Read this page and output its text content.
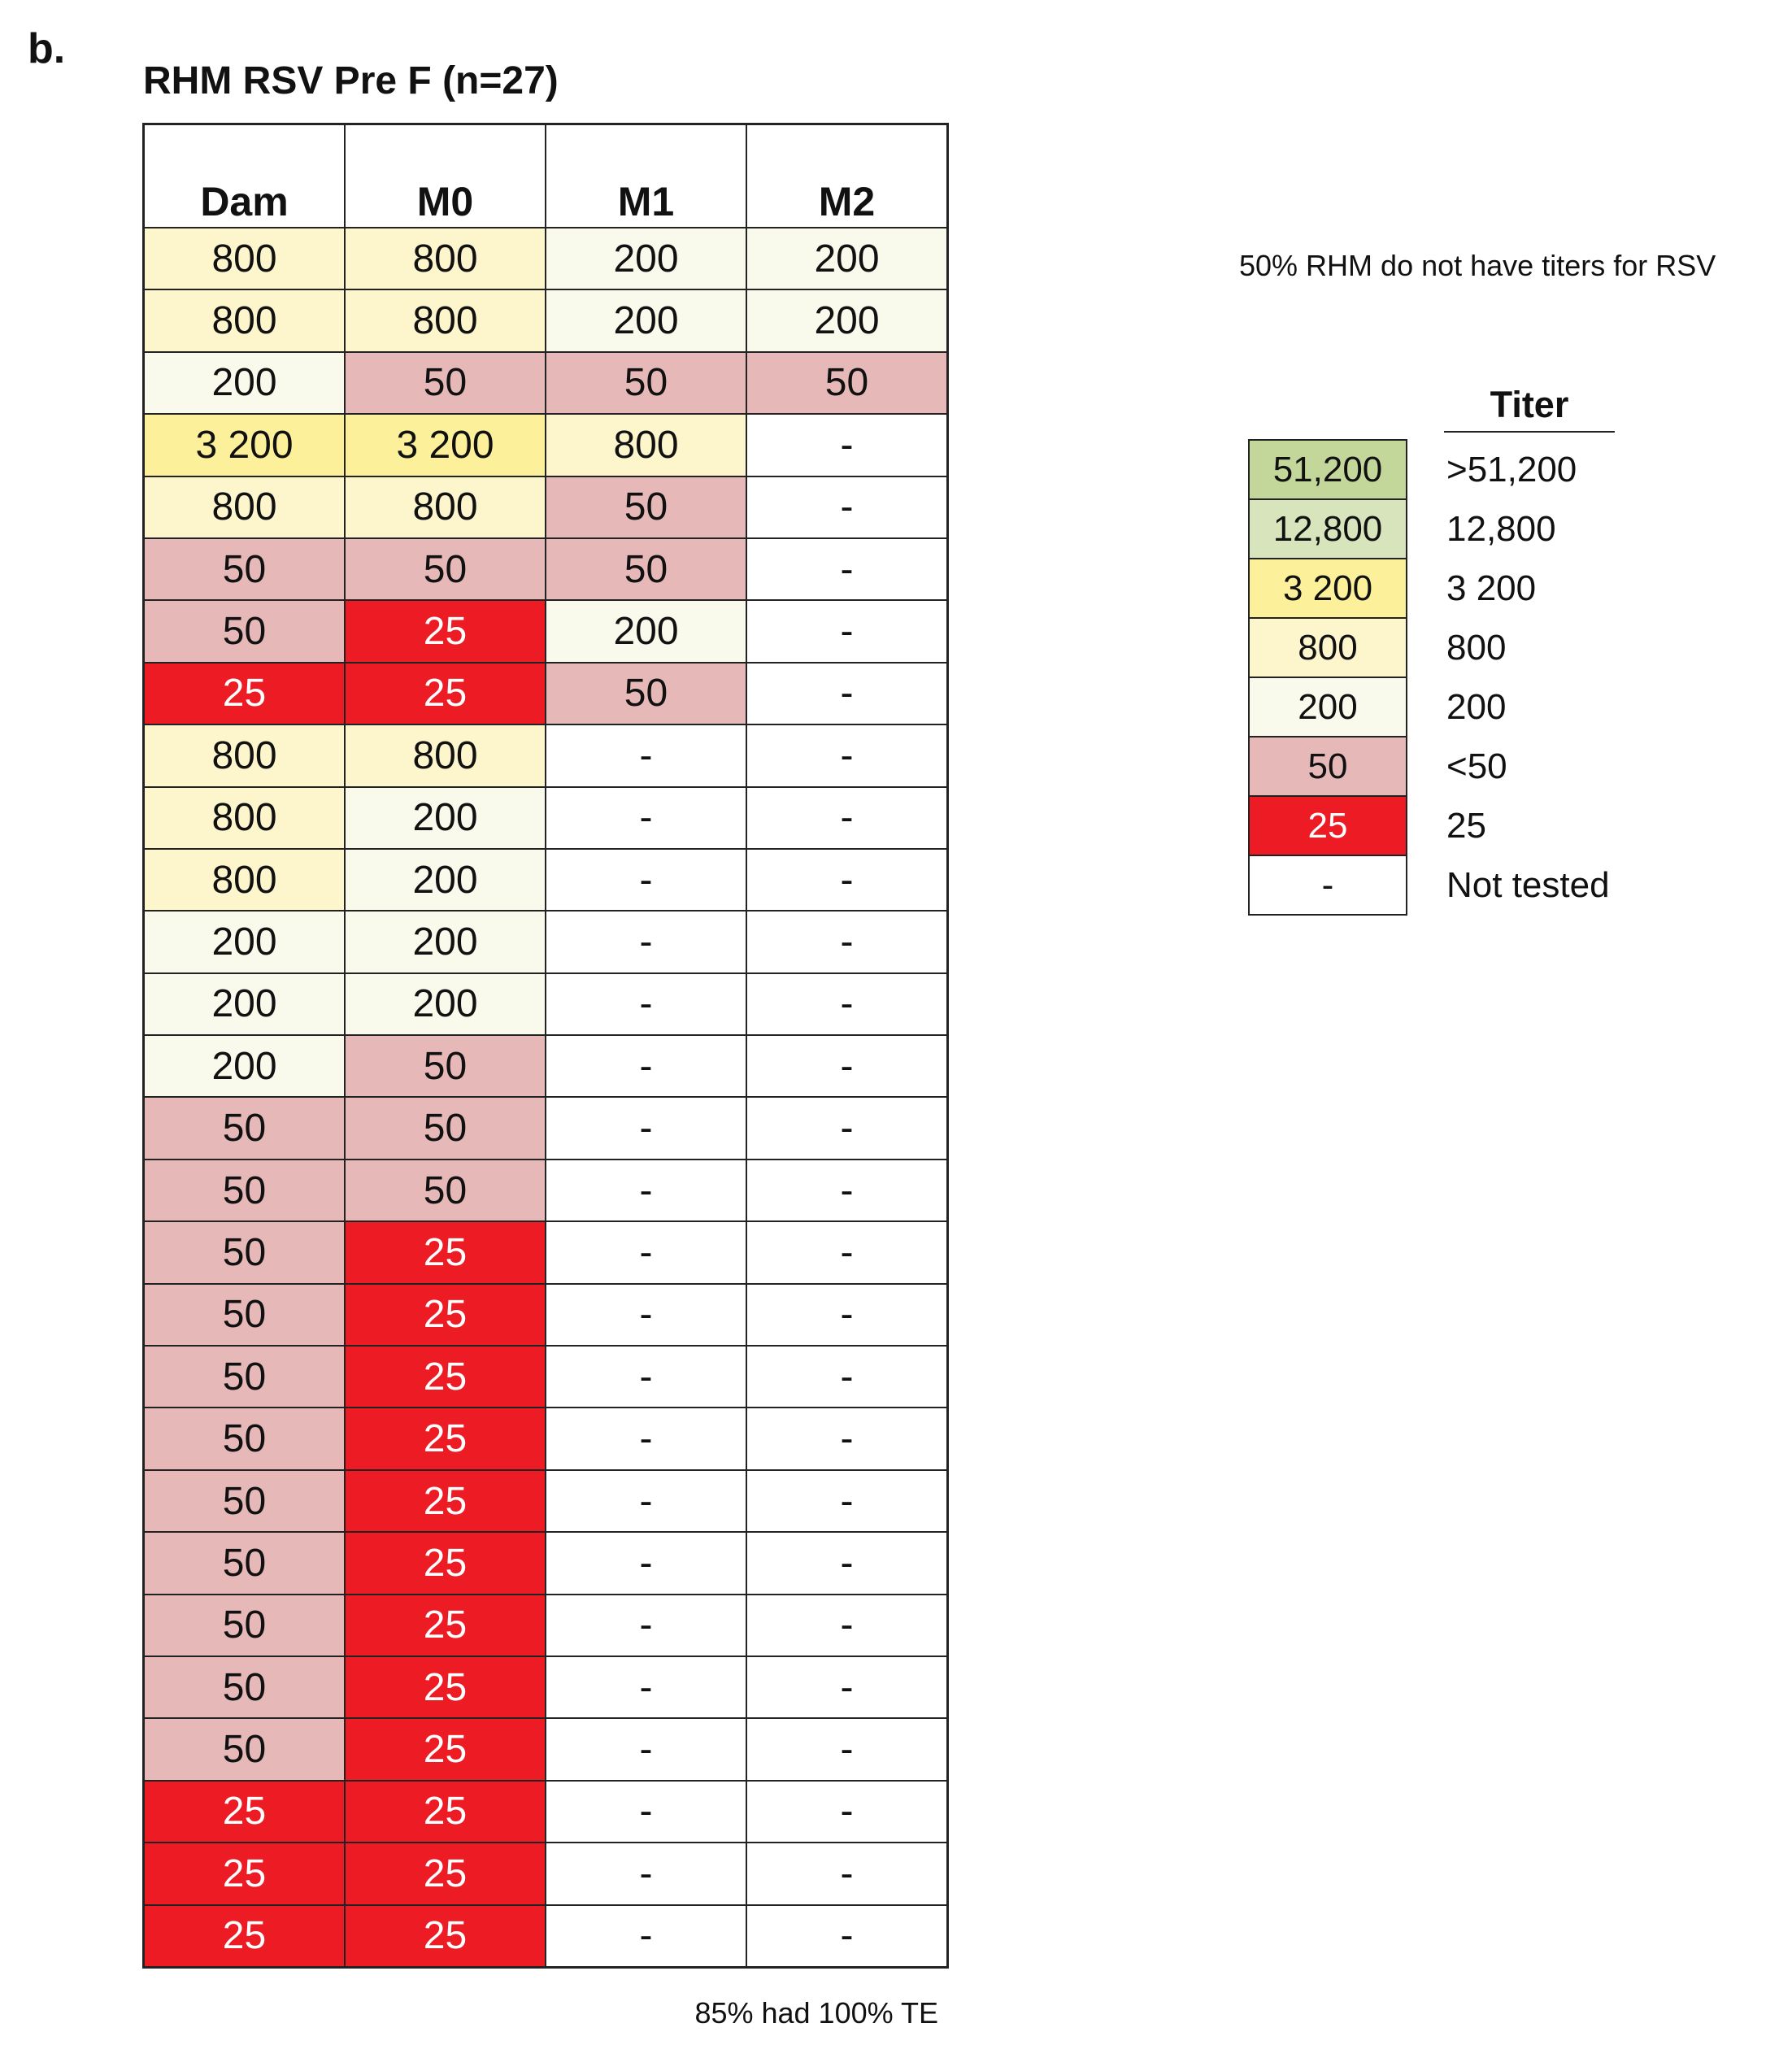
b.
RHM RSV Pre F (n=27)
Dam	M0	M1	M2
800	800	200	200
800	800	200	200
200	50	50	50
3 200	3 200	800	-
800	800	50	-
50	50	50	-
50	25	200	-
25	25	50	-
800	800	-	-
800	200	-	-
800	200	-	-
200	200	-	-
200	200	-	-
200	50	-	-
50	50	-	-
50	50	-	-
50	25	-	-
50	25	-	-
50	25	-	-
50	25	-	-
50	25	-	-
50	25	-	-
50	25	-	-
50	25	-	-
50	25	-	-
25	25	-	-
25	25	-	-
25	25	-	-
50% RHM do not have titers for RSV
85% had 100% TE
Titer
51,200	>51,200
12,800	12,800
3 200	3 200
800	800
200	200
50	<50
25	25
-	Not tested
